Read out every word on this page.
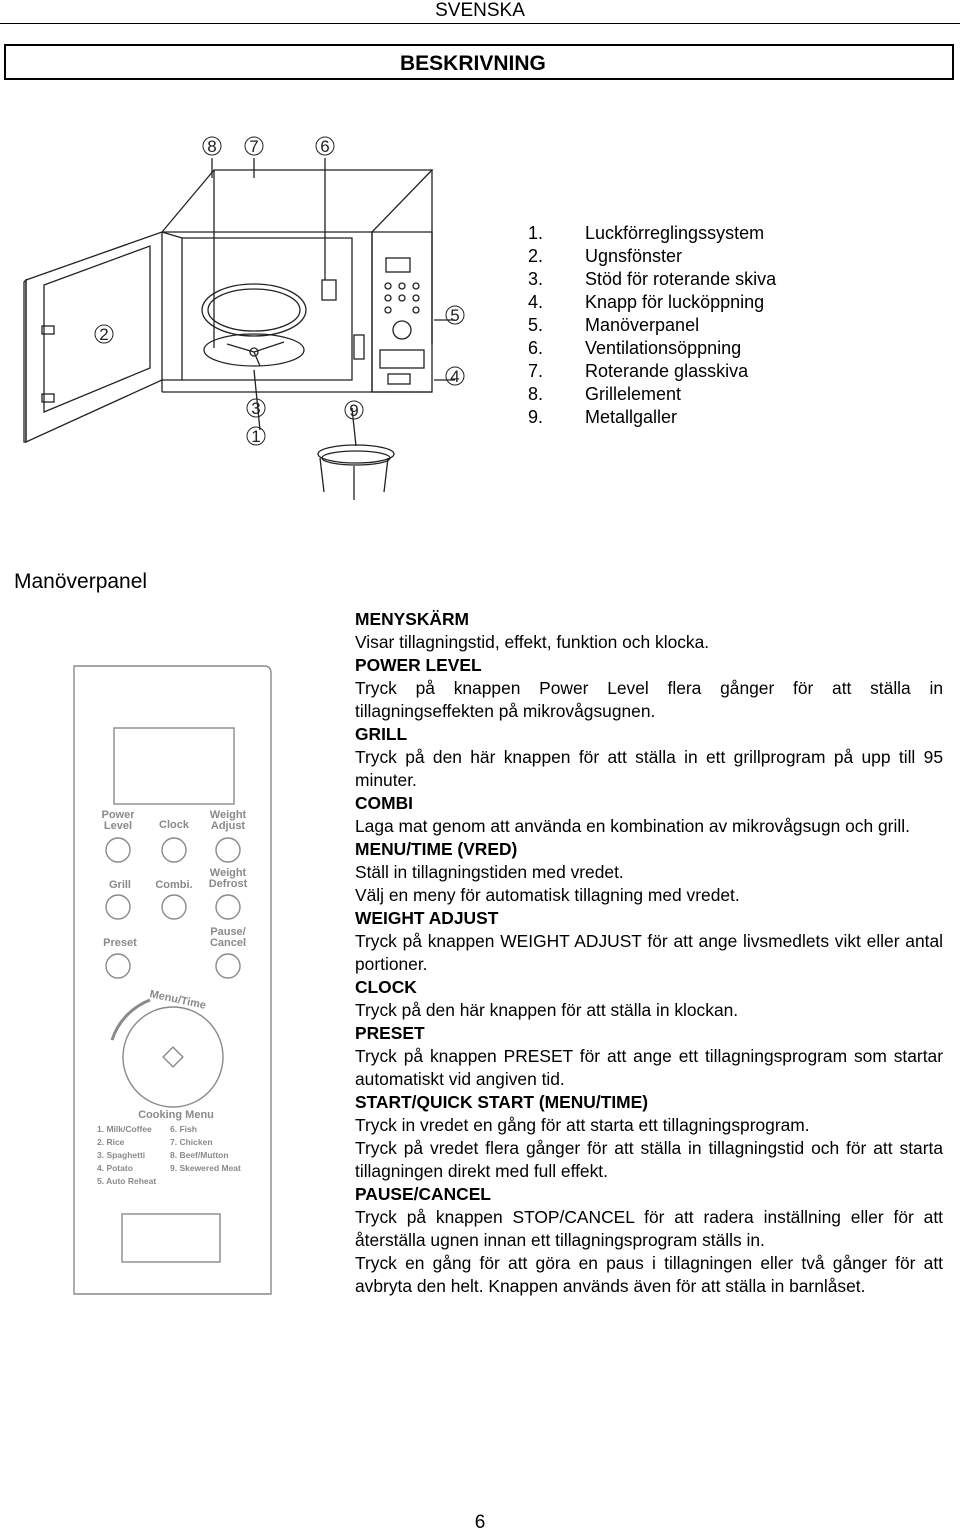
SVENSKA
BESKRIVNING
8 7	6
2
5
4
3	9
1
1.	Luckförreglingssystem
2.	Ugnsfönster
3.	Stöd för roterande skiva
4.	Knapp för lucköppning
5.	Manöverpanel
6.	Ventilationsöppning
7.	Roterande glasskiva
8.	Grillelement
9.	Metallgaller
Manöverpanel
Power
Level Clock
Weight
Adjust
Grill Combi.
Weight
Defrost
Preset
Pause/
Cancel
Menu/Time
Cooking Menu
1. Milk/Coffee
2. Rice
3. Spaghetti
4. Potato
5. Auto Reheat
6. Fish
7. Chicken
8. Beef/Mutton
9. Skewered Meat
MENYSKÄRM
Visar tillagningstid, effekt, funktion och klocka.
POWER LEVEL
Tryck på knappen Power Level flera gånger för att ställa in tillagningseffekten på mikrovågsugnen.
GRILL
Tryck på den här knappen för att ställa in ett grillprogram på upp till 95 minuter.
COMBI
Laga mat genom att använda en kombination av mikrovågsugn och grill.
MENU/TIME (VRED)
Ställ in tillagningstiden med vredet.
Välj en meny för automatisk tillagning med vredet.
WEIGHT ADJUST
Tryck på knappen WEIGHT ADJUST för att ange livsmedlets vikt eller antal portioner.
CLOCK
Tryck på den här knappen för att ställa in klockan.
PRESET
Tryck på knappen PRESET för att ange ett tillagningsprogram som startar automatiskt vid angiven tid.
START/QUICK START (MENU/TIME)
Tryck in vredet en gång för att starta ett tillagningsprogram.
Tryck på vredet flera gånger för att ställa in tillagningstid och för att starta tillagningen direkt med full effekt.
PAUSE/CANCEL
Tryck på knappen STOP/CANCEL för att radera inställning eller för att återställa ugnen innan ett tillagningsprogram ställs in.
Tryck en gång för att göra en paus i tillagningen eller två gånger för att avbryta den helt. Knappen används även för att ställa in barnlåset.
6
